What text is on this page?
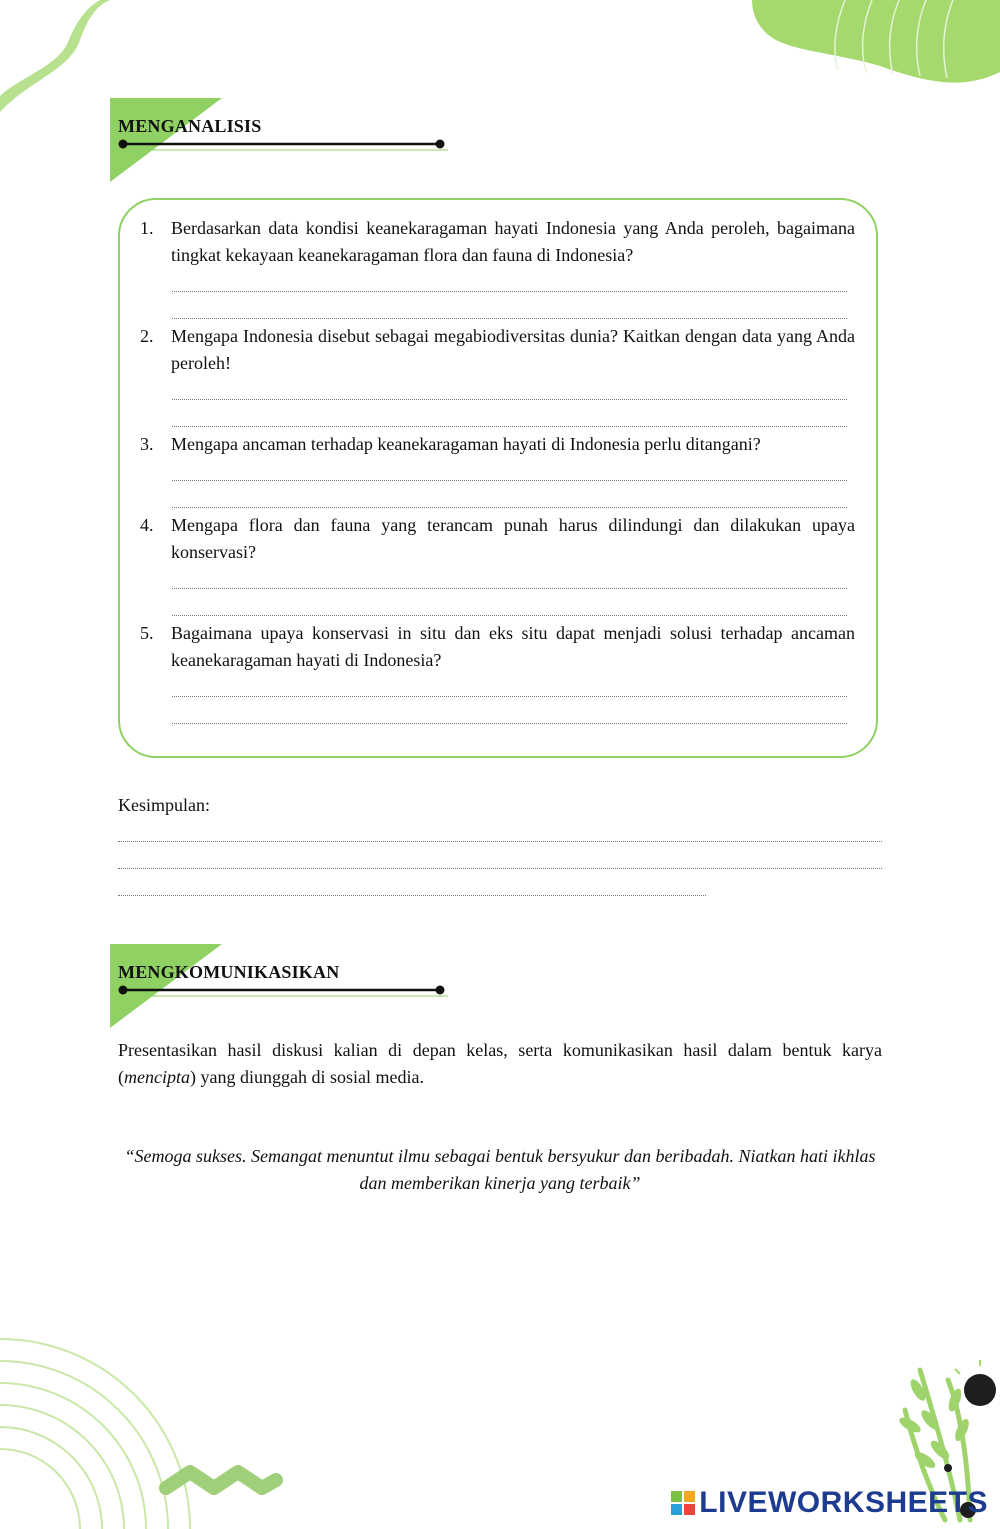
MENGANALISIS
1. Berdasarkan data kondisi keanekaragaman hayati Indonesia yang Anda peroleh, bagaimana tingkat kekayaan keanekaragaman flora dan fauna di Indonesia?
2. Mengapa Indonesia disebut sebagai megabiodiversitas dunia? Kaitkan dengan data yang Anda peroleh!
3. Mengapa ancaman terhadap keanekaragaman hayati di Indonesia perlu ditangani?
4. Mengapa flora dan fauna yang terancam punah harus dilindungi dan dilakukan upaya konservasi?
5. Bagaimana upaya konservasi in situ dan eks situ dapat menjadi solusi terhadap ancaman keanekaragaman hayati di Indonesia?
Kesimpulan:
MENGKOMUNIKASIKAN
Presentasikan hasil diskusi kalian di depan kelas, serta komunikasikan hasil dalam bentuk karya (mencipta) yang diunggah di sosial media.
“Semoga sukses. Semangat menuntut ilmu sebagai bentuk bersyukur dan beribadah. Niatkan hati ikhlas dan memberikan kinerja yang terbaik”
LIVEWORKSHEETS
